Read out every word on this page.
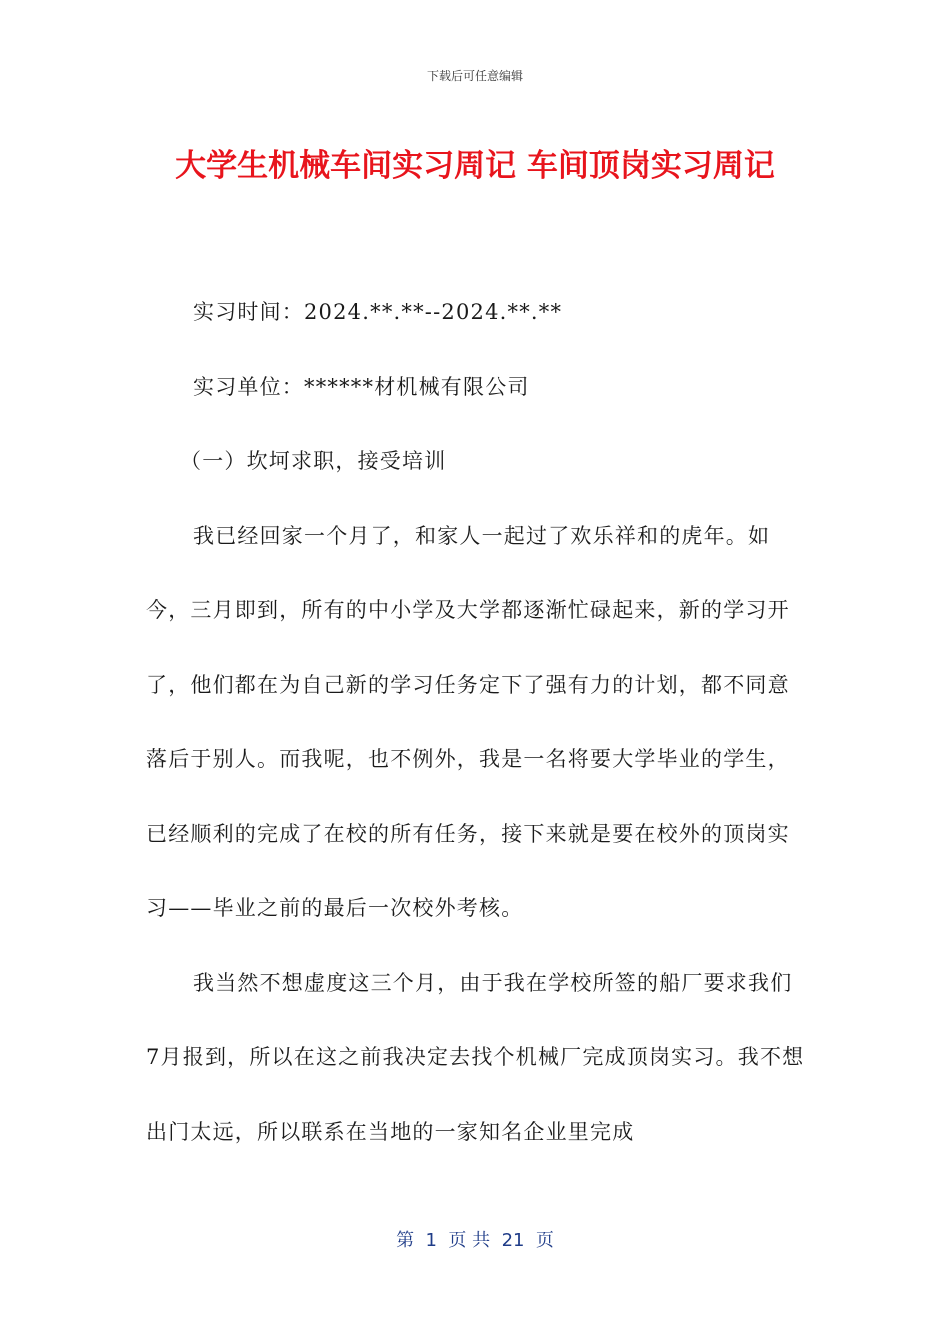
下载后可任意编辑
大学生机械车间实习周记 车间顶岗实习周记

实习时间：2024.**.**--2024.**.**

实习单位：******材机械有限公司

（一）坎坷求职，接受培训

我已经回家一个月了，和家人一起过了欢乐祥和的虎年。如今，三月即到，所有的中小学及大学都逐渐忙碌起来，新的学习开了，他们都在为自己新的学习任务定下了强有力的计划，都不同意落后于别人。而我呢，也不例外，我是一名将要大学毕业的学生，已经顺利的完成了在校的所有任务，接下来就是要在校外的顶岗实习——毕业之前的最后一次校外考核。

我当然不想虚度这三个月，由于我在学校所签的船厂要求我们7月报到，所以在这之前我决定去找个机械厂完成顶岗实习。我不想出门太远，所以联系在当地的一家知名企业里完成

第  1  页 共  21  页
